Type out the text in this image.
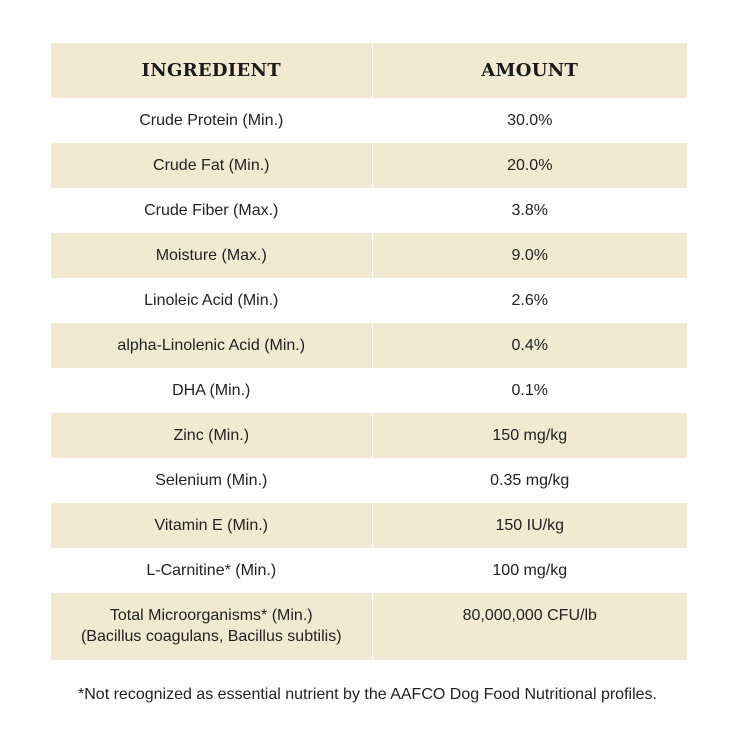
INGREDIENT	AMOUNT
Crude Protein (Min.)	30.0%
Crude Fat (Min.)	20.0%
Crude Fiber (Max.)	3.8%
Moisture (Max.)	9.0%
Linoleic Acid (Min.)	2.6%
alpha-Linolenic Acid (Min.)	0.4%
DHA (Min.)	0.1%
Zinc (Min.)	150 mg/kg
Selenium (Min.)	0.35 mg/kg
Vitamin E (Min.)	150 IU/kg
L-Carnitine* (Min.)	100 mg/kg

Total Microorganisms* (Min.)
(Bacillus coagulans, Bacillus subtilis)	80,000,000 CFU/lb
*Not recognized as essential nutrient by the AAFCO Dog Food Nutritional profiles.
